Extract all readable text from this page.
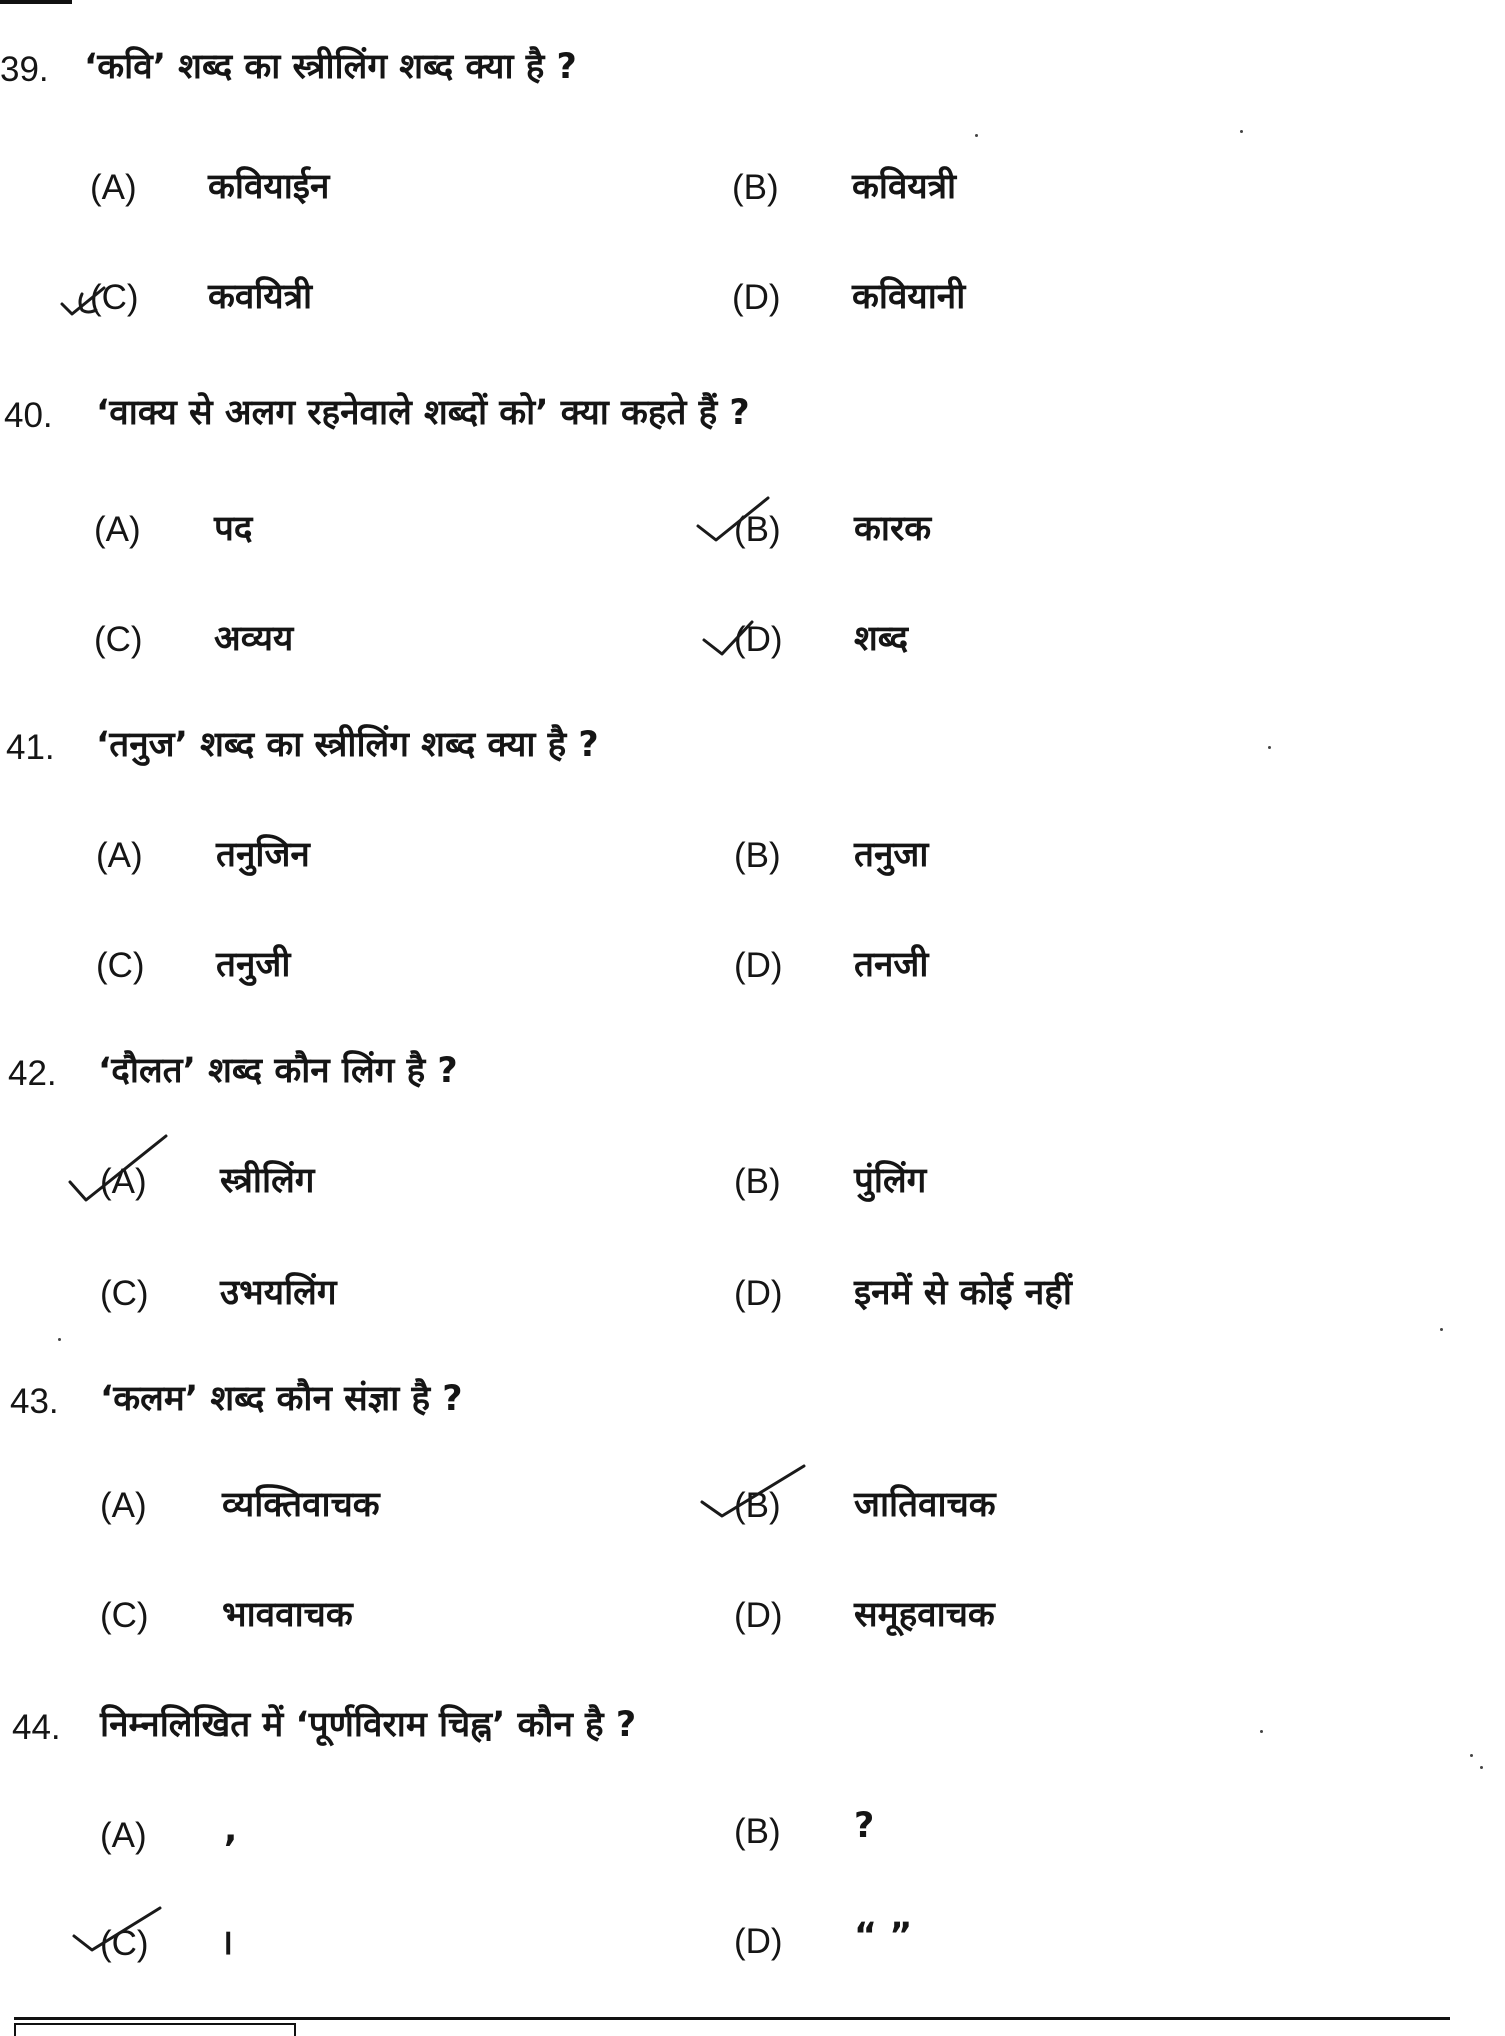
39. ‘कवि’ शब्द का स्त्रीलिंग शब्द क्या है ?
(A) कवियाईन	(B) कवियत्री
(C) कवयित्री	(D) कवियानी
40. ‘वाक्य से अलग रहनेवाले शब्दों को’ क्या कहते हैं ?
(A) पद	(B) कारक
(C) अव्यय	(D) शब्द
41. ‘तनुज’ शब्द का स्त्रीलिंग शब्द क्या है ?
(A) तनुजिन	(B) तनुजा
(C) तनुजी	(D) तनजी
42. ‘दौलत’ शब्द कौन लिंग है ?
(A) स्त्रीलिंग	(B) पुंलिंग
(C) उभयलिंग	(D) इनमें से कोई नहीं
43. ‘कलम’ शब्द कौन संज्ञा है ?
(A) व्यक्तिवाचक	(B) जातिवाचक
(C) भाववाचक	(D) समूहवाचक
44. निम्नलिखित में ‘पूर्णविराम चिह्न’ कौन है ?
(A) ,	(B) ?
(C) ।	(D) “ ”
